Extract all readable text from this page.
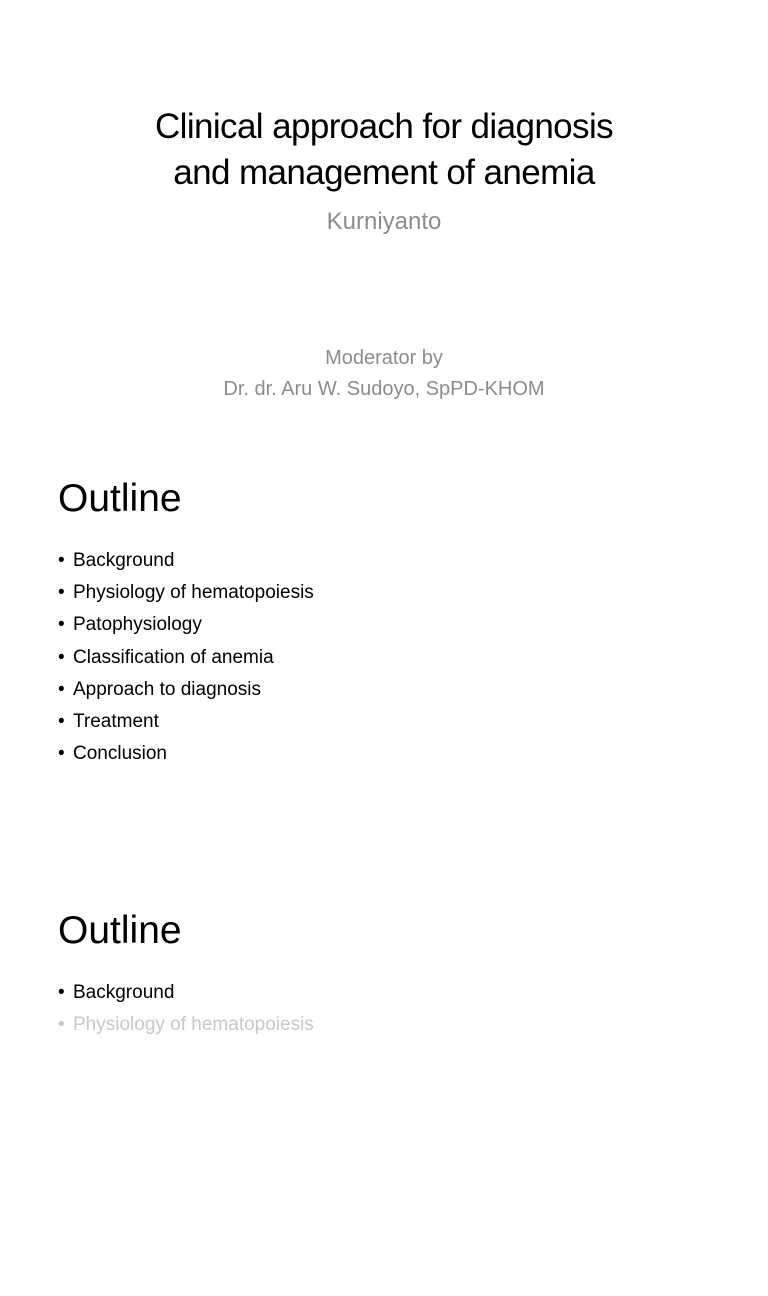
Clinical approach for diagnosis
and management of anemia
Kurniyanto
Moderator by
Dr. dr. Aru W. Sudoyo, SpPD-KHOM
Outline
• Background
• Physiology of hematopoiesis
• Patophysiology
• Classification of anemia
• Approach to diagnosis
• Treatment
• Conclusion
Outline
• Background
• Physiology of hematopoiesis
